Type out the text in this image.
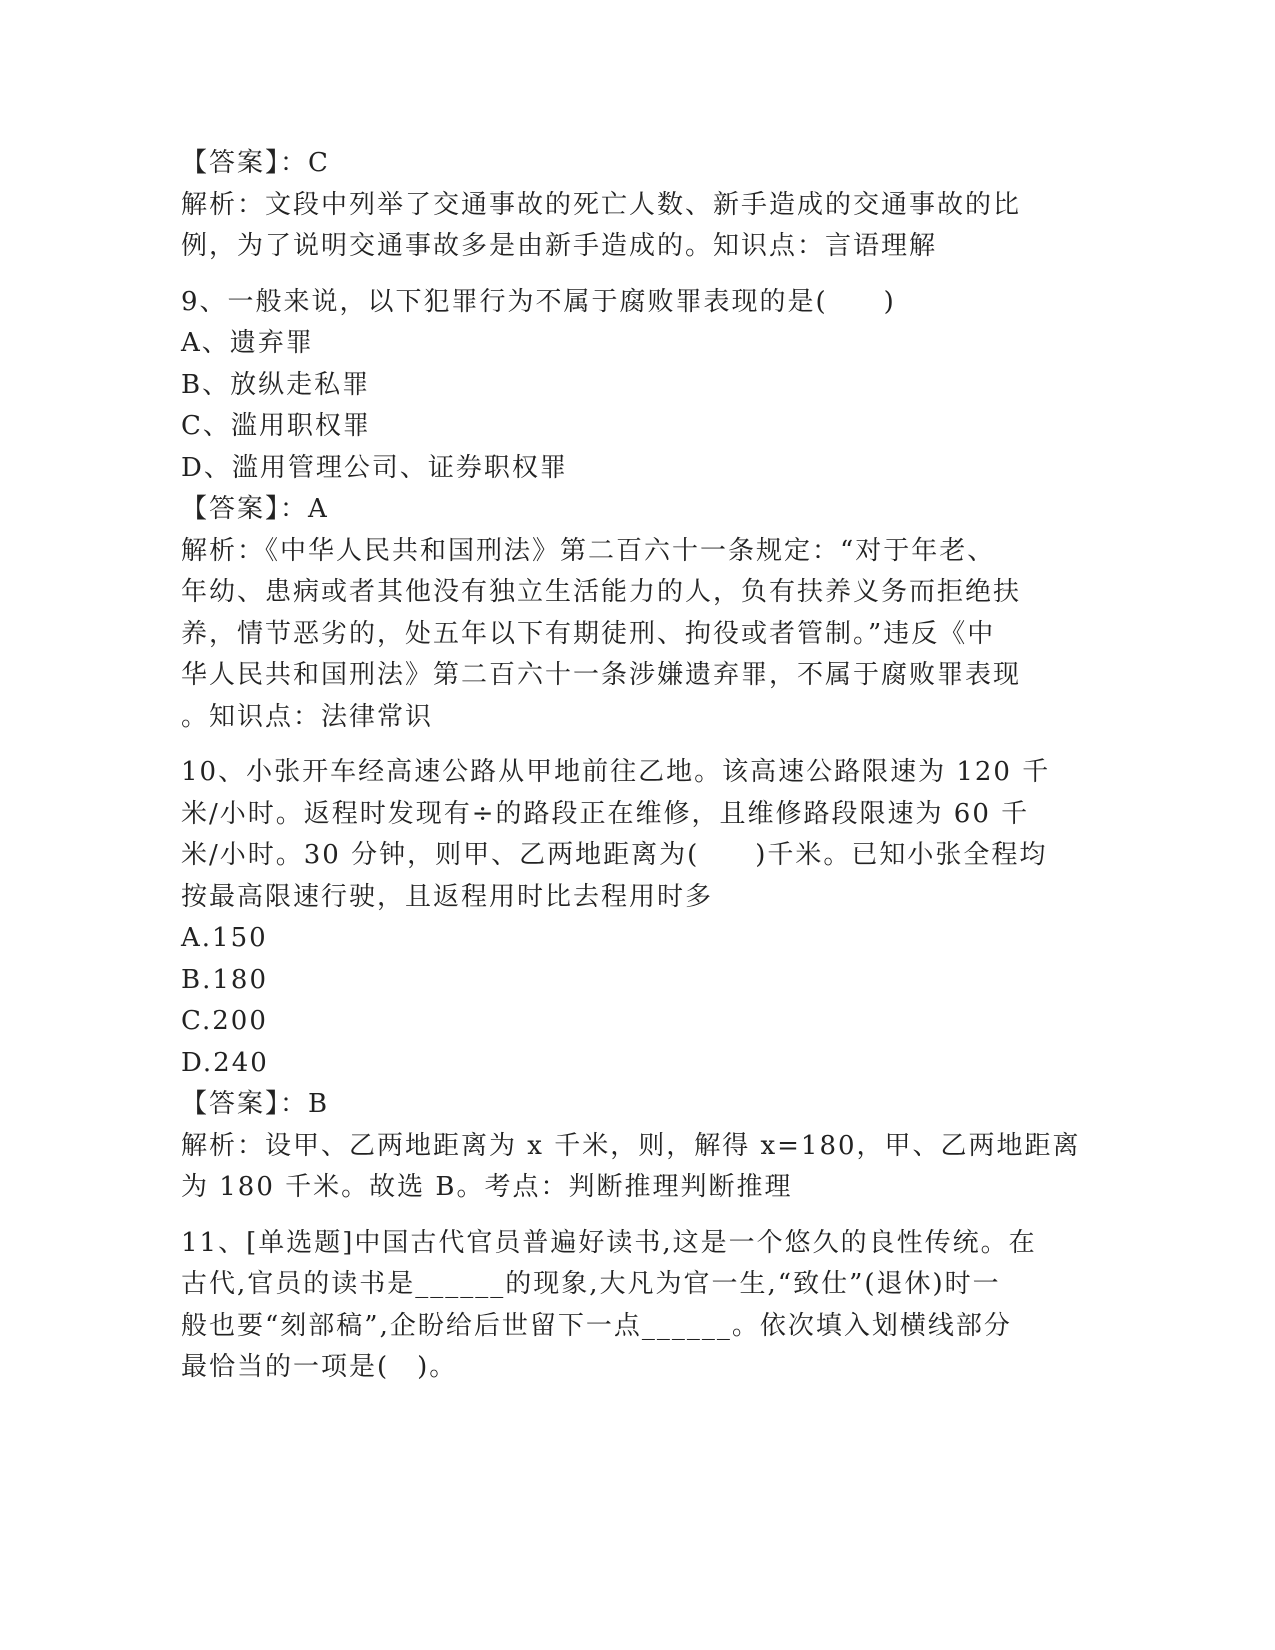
【答案】：C
解析：文段中列举了交通事故的死亡人数、新手造成的交通事故的比
例，为了说明交通事故多是由新手造成的。知识点：言语理解
9、一般来说，以下犯罪行为不属于腐败罪表现的是(　　)
A、遗弃罪
B、放纵走私罪
C、滥用职权罪
D、滥用管理公司、证券职权罪
【答案】：A
解析：《中华人民共和国刑法》第二百六十一条规定：“对于年老、
年幼、患病或者其他没有独立生活能力的人，负有扶养义务而拒绝扶
养，情节恶劣的，处五年以下有期徒刑、拘役或者管制。”违反《中
华人民共和国刑法》第二百六十一条涉嫌遗弃罪，不属于腐败罪表现
。知识点：法律常识
10、小张开车经高速公路从甲地前往乙地。该高速公路限速为 120 千
米/小时。返程时发现有÷的路段正在维修，且维修路段限速为 60 千
米/小时。30 分钟，则甲、乙两地距离为(　　)千米。已知小张全程均
按最高限速行驶，且返程用时比去程用时多
A.150
B.180
C.200
D.240
【答案】：B
解析：设甲、乙两地距离为 x 千米，则，解得 x=180，甲、乙两地距离
为 180 千米。故选 B。考点：判断推理判断推理
11、[单选题]中国古代官员普遍好读书,这是一个悠久的良性传统。在
古代,官员的读书是______的现象,大凡为官一生,“致仕”(退休)时一
般也要“刻部稿”,企盼给后世留下一点______。依次填入划横线部分
最恰当的一项是(　)。
